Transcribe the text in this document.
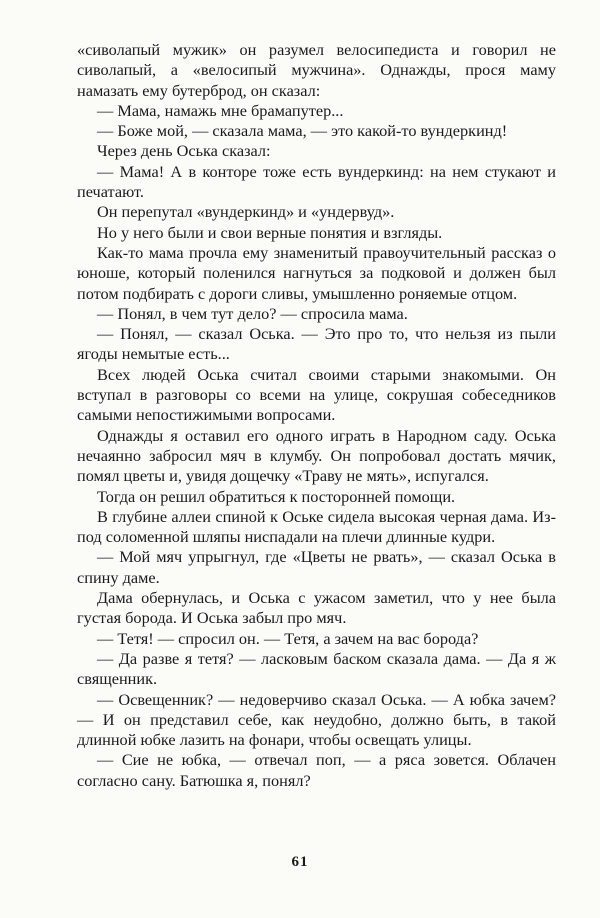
«сиволапый мужик» он разумел велосипедиста и говорил не сиволапый, а «велосипый мужчина». Однажды, прося маму намазать ему бутерброд, он сказал:

— Мама, намажь мне брамапутер...

— Боже мой, — сказала мама, — это какой-то вундеркинд!

Через день Оська сказал:

— Мама! А в конторе тоже есть вундеркинд: на нем стукают и печатают.

Он перепутал «вундеркинд» и «ундервуд».

Но у него были и свои верные понятия и взгляды.

Как-то мама прочла ему знаменитый правоучительный рассказ о юноше, который поленился нагнуться за подковой и должен был потом подбирать с дороги сливы, умышленно роняемые отцом.

— Понял, в чем тут дело? — спросила мама.

— Понял, — сказал Оська. — Это про то, что нельзя из пыли ягоды немытые есть...

Всех людей Оська считал своими старыми знакомыми. Он вступал в разговоры со всеми на улице, сокрушая собеседников самыми непостижимыми вопросами.

Однажды я оставил его одного играть в Народном саду. Оська нечаянно забросил мяч в клумбу. Он попробовал достать мячик, помял цветы и, увидя дощечку «Траву не мять», испугался.

Тогда он решил обратиться к посторонней помощи.

В глубине аллеи спиной к Оське сидела высокая черная дама. Из-под соломенной шляпы ниспадали на плечи длинные кудри.

— Мой мяч упрыгнул, где «Цветы не рвать», — сказал Оська в спину даме.

Дама обернулась, и Оська с ужасом заметил, что у нее была густая борода. И Оська забыл про мяч.

— Тетя! — спросил он. — Тетя, а зачем на вас борода?

— Да разве я тетя? — ласковым баском сказала дама. — Да я ж священник.

— Освещенник? — недоверчиво сказал Оська. — А юбка зачем? — И он представил себе, как неудобно, должно быть, в такой длинной юбке лазить на фонари, чтобы освещать улицы.

— Сие не юбка, — отвечал поп, — а ряса зовется. Облачен согласно сану. Батюшка я, понял?

61
